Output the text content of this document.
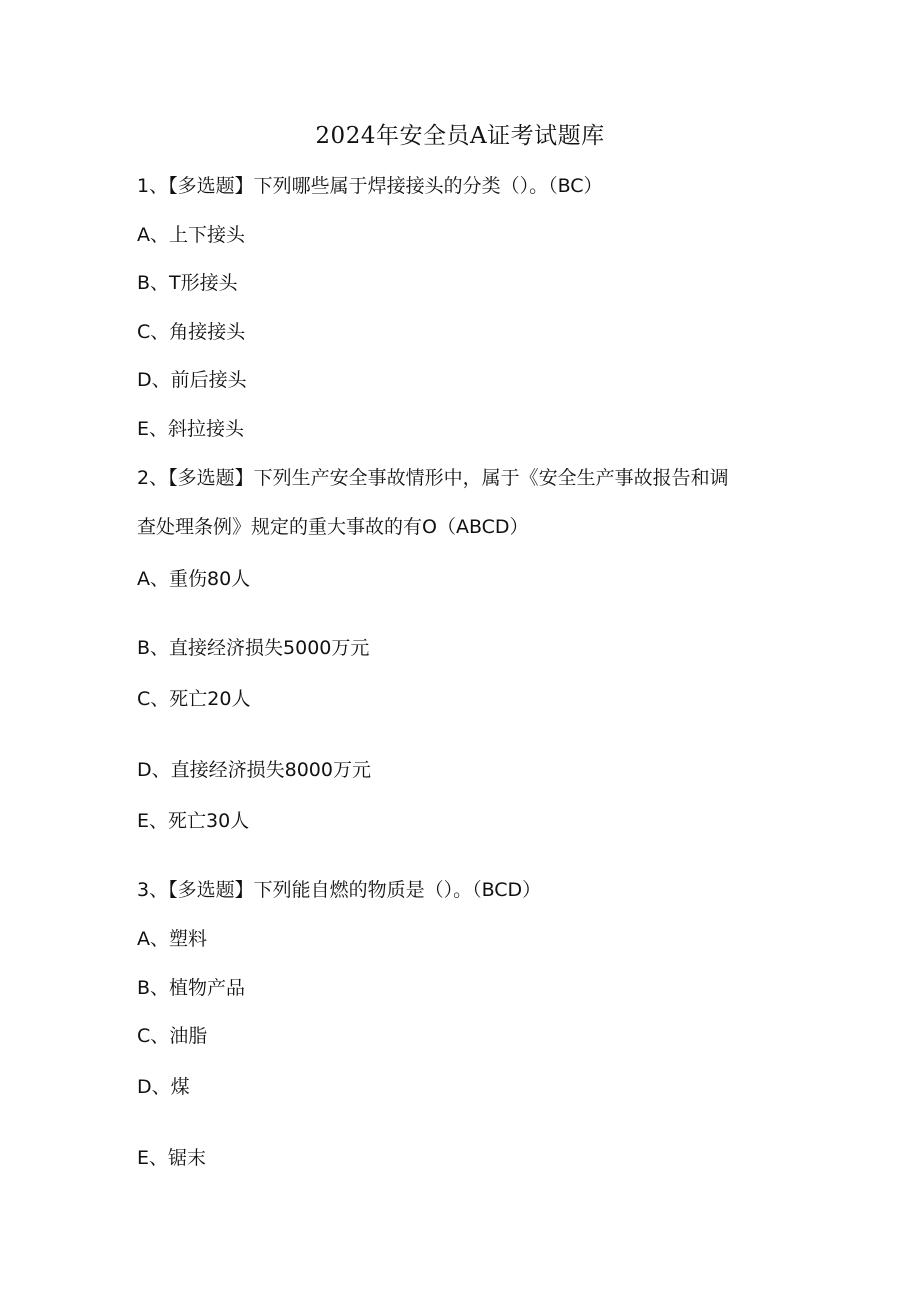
2024年安全员A证考试题库
1、【多选题】下列哪些属于焊接接头的分类（）。（BC）
A、上下接头
B、T形接头
C、角接接头
D、前后接头
E、斜拉接头
2、【多选题】下列生产安全事故情形中，属于《安全生产事故报告和调
查处理条例》规定的重大事故的有O（ABCD）
A、重伤80人
B、直接经济损失5000万元
C、死亡20人
D、直接经济损失8000万元
E、死亡30人
3、【多选题】下列能自燃的物质是（）。（BCD）
A、塑料
B、植物产品
C、油脂
D、煤
E、锯末
